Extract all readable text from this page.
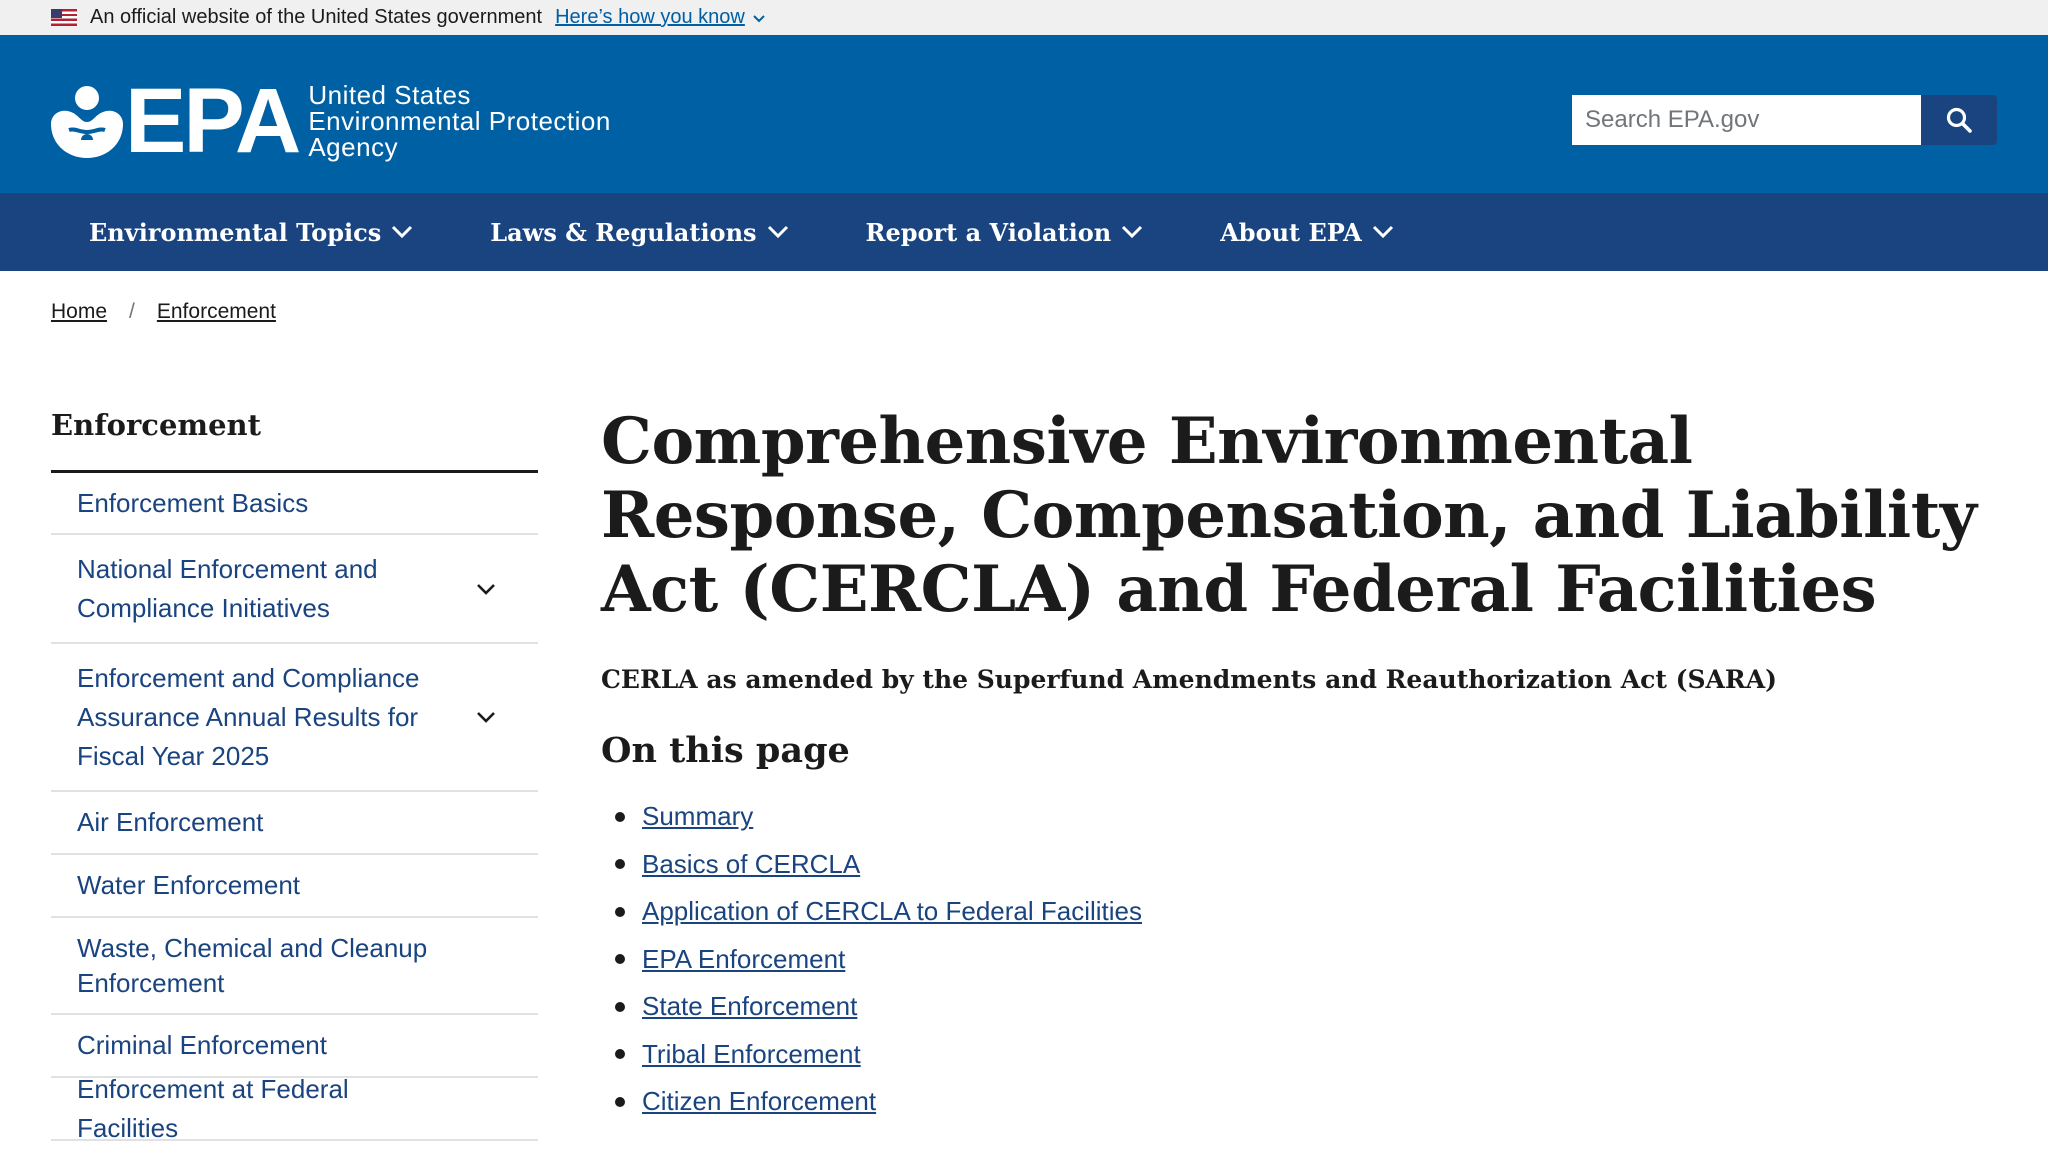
An official website of the United States government Here’s how you know
EPA United States
Environmental Protection
Agency
Search EPA.gov
Environmental Topics	Laws & Regulations	Report a Violation	About EPA
Home / Enforcement
Enforcement
Enforcement Basics
National Enforcement and Compliance Initiatives
Enforcement and Compliance Assurance Annual Results for Fiscal Year 2025
Air Enforcement
Water Enforcement
Waste, Chemical and Cleanup Enforcement
Criminal Enforcement
Enforcement at Federal Facilities
Comprehensive Environmental Response, Compensation, and Liability Act (CERCLA) and Federal Facilities
CERLA as amended by the Superfund Amendments and Reauthorization Act (SARA)
On this page
Summary
Basics of CERCLA
Application of CERCLA to Federal Facilities
EPA Enforcement
State Enforcement
Tribal Enforcement
Citizen Enforcement
